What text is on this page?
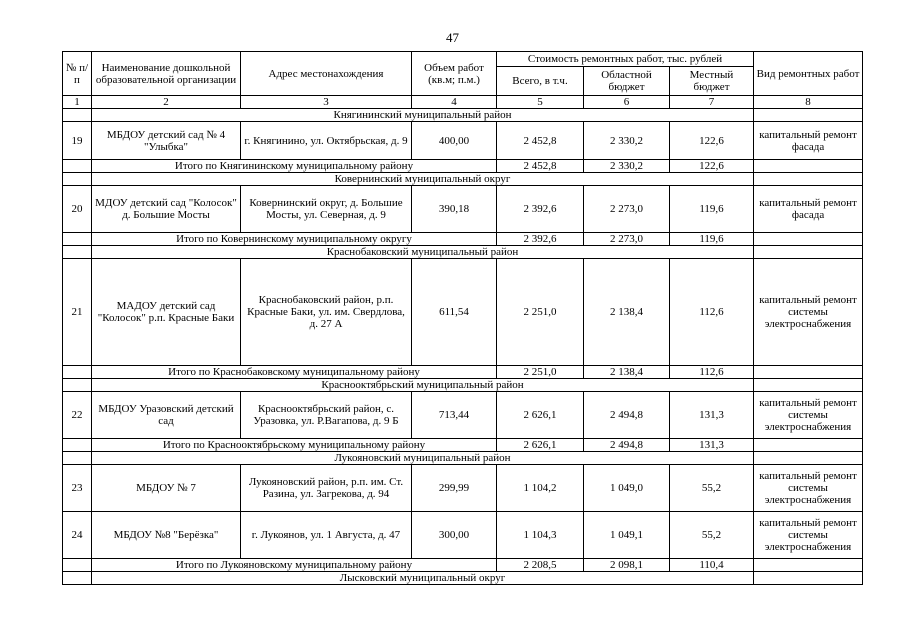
47
№ п/п	Наименование дошкольной образовательной организации	Адрес местонахождения	Объем работ (кв.м; п.м.)	Стоимость ремонтных работ, тыс. рублей			Вид ремонтных работ
				Всего, в т.ч.	Областной бюджет	Местный бюджет	
1	2	3	4	5	6	7	8
	Княгининский муниципальный район						
19	МБДОУ детский сад № 4 "Улыбка"	г. Княгинино, ул. Октябрьская, д. 9	400,00	2 452,8	2 330,2	122,6	капитальный ремонт фасада
	Итого по Княгининскому муниципальному району			2 452,8	2 330,2	122,6	
	Ковернинский муниципальный округ						
20	МДОУ детский сад "Колосок" д. Большие Мосты	Ковернинский округ, д. Большие Мосты, ул. Северная, д. 9	390,18	2 392,6	2 273,0	119,6	капитальный ремонт фасада
	Итого по Ковернинскому муниципальному округу			2 392,6	2 273,0	119,6	
	Краснобаковский муниципальный район						
21	МАДОУ детский сад "Колосок" р.п. Красные Баки	Краснобаковский район, р.п. Красные Баки, ул. им. Свердлова, д. 27 А	611,54	2 251,0	2 138,4	112,6	капитальный ремонт системы электроснабжения
	Итого по Краснобаковскому муниципальному району			2 251,0	2 138,4	112,6	
	Краснооктябрьский муниципальный район						
22	МБДОУ Уразовский детский сад	Краснооктябрьский район, с. Уразовка, ул. Р.Вагапова, д. 9 Б	713,44	2 626,1	2 494,8	131,3	капитальный ремонт системы электроснабжения
	Итого по Краснооктябрьскому муниципальному району			2 626,1	2 494,8	131,3	
	Лукояновский муниципальный район						
23	МБДОУ № 7	Лукояновский район, р.п. им. Ст. Разина, ул. Загрекова, д. 94	299,99	1 104,2	1 049,0	55,2	капитальный ремонт системы электроснабжения
24	МБДОУ №8 "Берёзка"	г. Лукоянов, ул. 1 Августа, д. 47	300,00	1 104,3	1 049,1	55,2	капитальный ремонт системы электроснабжения
	Итого по Лукояновскому муниципальному району			2 208,5	2 098,1	110,4	
	Лысковский муниципальный округ						
